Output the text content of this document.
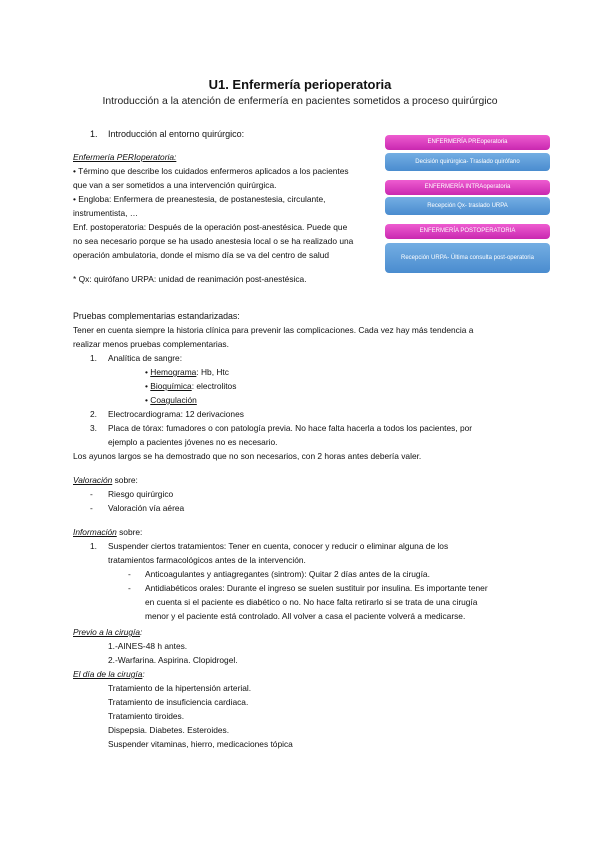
U1. Enfermería perioperatoria
Introducción a la atención de enfermería en pacientes sometidos a proceso quirúrgico
1. Introducción al entorno quirúrgico:
Enfermería PERIoperatoria:
• Término que describe los cuidados enfermeros aplicados a los pacientes
que van a ser sometidos a una intervención quirúrgica.
• Engloba: Enfermera de preanestesia, de postanestesia, circulante,
instrumentista, …
Enf. postoperatoria: Después de la operación post-anestésica. Puede que
no sea necesario porque se ha usado anestesia local o se ha realizado una
operación ambulatoria, donde el mismo día se va del centro de salud
* Qx: quirófano URPA: unidad de reanimación post-anestésica.
ENFERMERÍA PREoperatoria
Decisión quirúrgica- Traslado quirófano
ENFERMERÍA INTRAoperatoria
Recepción Qx- traslado URPA
ENFERMERÍA POSTOPERATORIA
Recepción URPA- Última consulta post-operatoria
Pruebas complementarias estandarizadas:
Tener en cuenta siempre la historia clínica para prevenir las complicaciones. Cada vez hay más tendencia a
realizar menos pruebas complementarias.
1. Analítica de sangre:
• Hemograma: Hb, Htc
• Bioquímica: electrolitos
• Coagulación
2. Electrocardiograma: 12 derivaciones
3. Placa de tórax: fumadores o con patología previa. No hace falta hacerla a todos los pacientes, por
ejemplo a pacientes jóvenes no es necesario.
Los ayunos largos se ha demostrado que no son necesarios, con 2 horas antes debería valer.
Valoración sobre:
- Riesgo quirúrgico
- Valoración vía aérea
Información sobre:
1. Suspender ciertos tratamientos: Tener en cuenta, conocer y reducir o eliminar alguna de los
tratamientos farmacológicos antes de la intervención.
- Anticoagulantes y antiagregantes (sintrom): Quitar 2 días antes de la cirugía.
- Antidiabéticos orales: Durante el ingreso se suelen sustituir por insulina. Es importante tener
en cuenta si el paciente es diabético o no. No hace falta retirarlo si se trata de una cirugía
menor y el paciente está controlado. All volver a casa el paciente volverá a medicarse.
Previo a la cirugía:
1.-AINES-48 h antes.
2.-Warfarina. Aspirina. Clopidrogel.
El día de la cirugía:
Tratamiento de la hipertensión arterial.
Tratamiento de insuficiencia cardiaca.
Tratamiento tiroides.
Dispepsia. Diabetes. Esteroides.
Suspender vitaminas, hierro, medicaciones tópica
